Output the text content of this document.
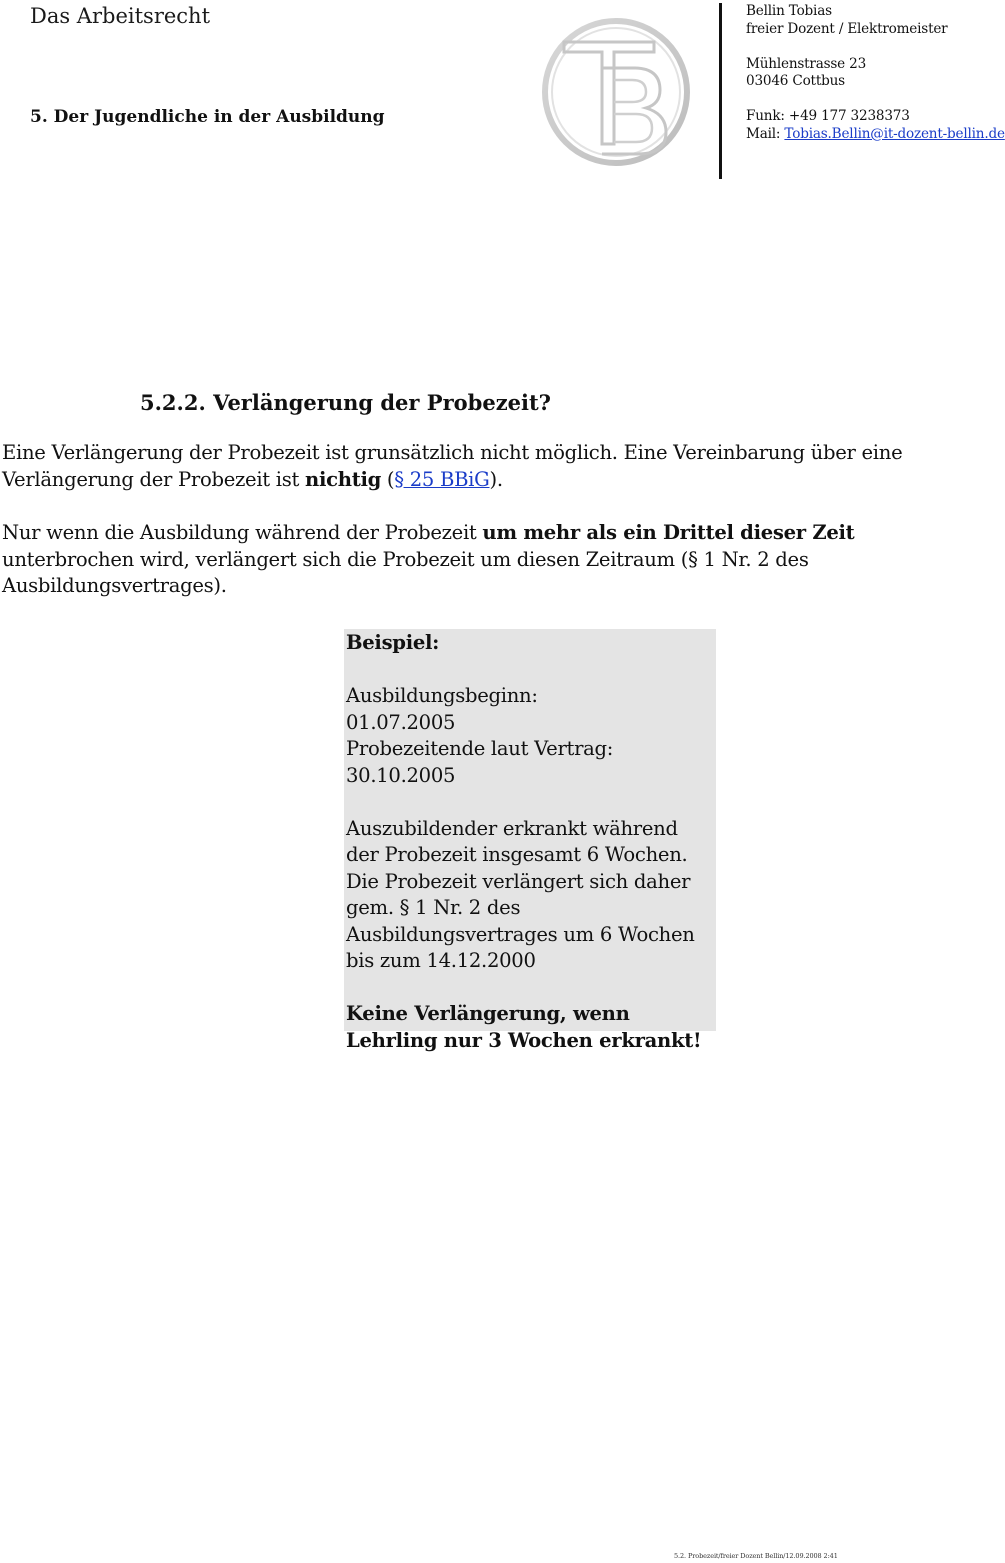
Das Arbeitsrecht
5. Der Jugendliche in der Ausbildung
Bellin Tobias
freier Dozent / Elektromeister
Mühlenstrasse 23
03046 Cottbus
Funk: +49 177 3238373
Mail: Tobias.Bellin@it-dozent-bellin.de
5.2.2. Verlängerung der Probezeit?
Eine Verlängerung der Probezeit ist grunsätzlich nicht möglich. Eine Vereinbarung über eine Verlängerung der Probezeit ist nichtig (§ 25 BBiG).
Nur wenn die Ausbildung während der Probezeit um mehr als ein Drittel dieser Zeit unterbrochen wird, verlängert sich die Probezeit um diesen Zeitraum (§ 1 Nr. 2 des Ausbildungsvertrages).
Beispiel:
Ausbildungsbeginn:
01.07.2005
Probezeitende laut Vertrag:
30.10.2005
Auszubildender erkrankt während der Probezeit insgesamt 6 Wochen. Die Probezeit verlängert sich daher gem. § 1 Nr. 2 des Ausbildungsvertrages um 6 Wochen bis zum 14.12.2000
Keine Verlängerung, wenn Lehrling nur 3 Wochen erkrankt!
5.2. Probezeit/freier Dozent Bellin/12.09.2008 2:41
